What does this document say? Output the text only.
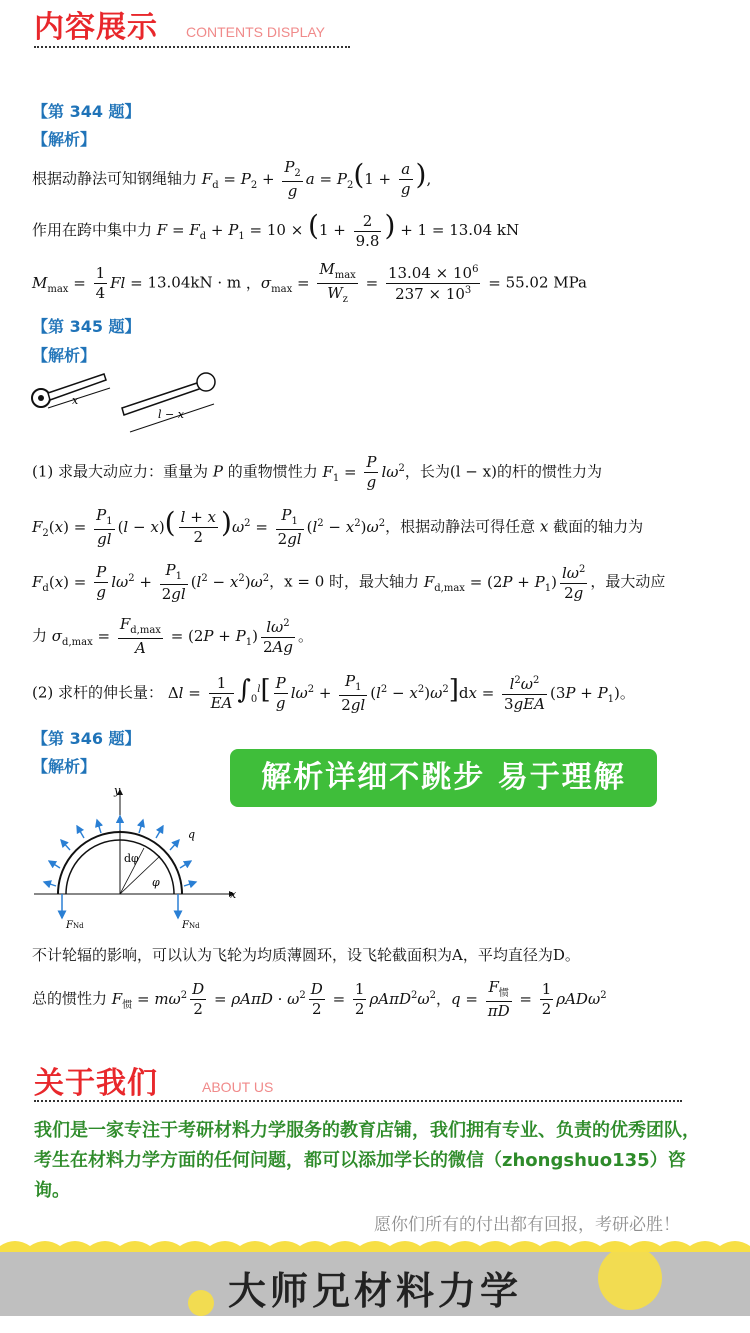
内容展示 CONTENTS DISPLAY
【第 344 题】
【解析】
根据动静法可知钢绳轴力 $F_d = P_2 + \frac{P_2}{g}$ $a = P_2(1 + \frac{a}{g}$ ),
作用在跨中集中力 $F = F_d + P_1 = 10 \times (1 + \frac{2}{9.8}$ ) + 1 = 13.04 kN
$M_{max} = \frac{1}{4}$ Fl = 13.04kN · m ，$\sigma_{max} = \frac{M_{max}}{W_z} = \frac{13.04 \times 10^6}{237 \times 10^3} = 55.02$ MPa
【第 345 题】
【解析】
x
l − x
(1) 求最大动应力：重量为 P 的重物惯性力 $F_1 = \frac{P}{g} l\omega^2$，长为(l − x)的杆的惯性力为
$F_2(x) = \frac{P_1}{gl} (l - x)( \frac{l + x}{2} )\omega^2 = \frac{P_1}{2gl} (l^2 - x^2)\omega^2$，根据动静法可得任意 x 截面的轴力为
$F_d(x) = \frac{P}{g} l\omega^2 + \frac{P_1}{2gl} (l^2 - x^2)\omega^2$，x = 0 时，最大轴力 $F_{d,max} = (2P + P_1) \frac{l\omega^2}{2g}$ ，最大动应
力 $\sigma_{d,max} = \frac{F_{d,max}}{A} = (2P + P_1) \frac{l\omega^2}{2Ag}$ 。
(2) 求杆的伸长量： $\Delta l = \frac{1}{EA} \int_0^l[ \frac{P}{g} l\omega^2 + \frac{P_1}{2gl} (l^2 - x^2)\omega^2]dx = \frac{l^2\omega^2}{\text{3gEA}} (3P + P_1)$。
【第 346 题】
【解析】	解析详细不跳步 易于理解
x
y
dφ
φ
q
FNd	FNd
不计轮辐的影响，可以认为飞轮为均质薄圆环，设飞轮截面积为A，平均直径为D。
总的惯性力 $F_惯 = m\omega^2 \frac{D}{2} = \rho A\pi D \cdot \omega^2 \frac{D}{2} = \frac{1}{2} \rho A\pi D^2\omega^2$，$q = \frac{F_惯}{\pi D} = \frac{1}{2} \rho AD\omega^2$
关于我们	ABOUT US
我们是一家专注于考研材料力学服务的教育店铺，我们拥有专业、负责的优秀团队，考生在材料力学方面的任何问题，都可以添加学长的微信（zhongshuo135）咨询。
愿你们所有的付出都有回报，考研必胜！
大师兄材料力学
